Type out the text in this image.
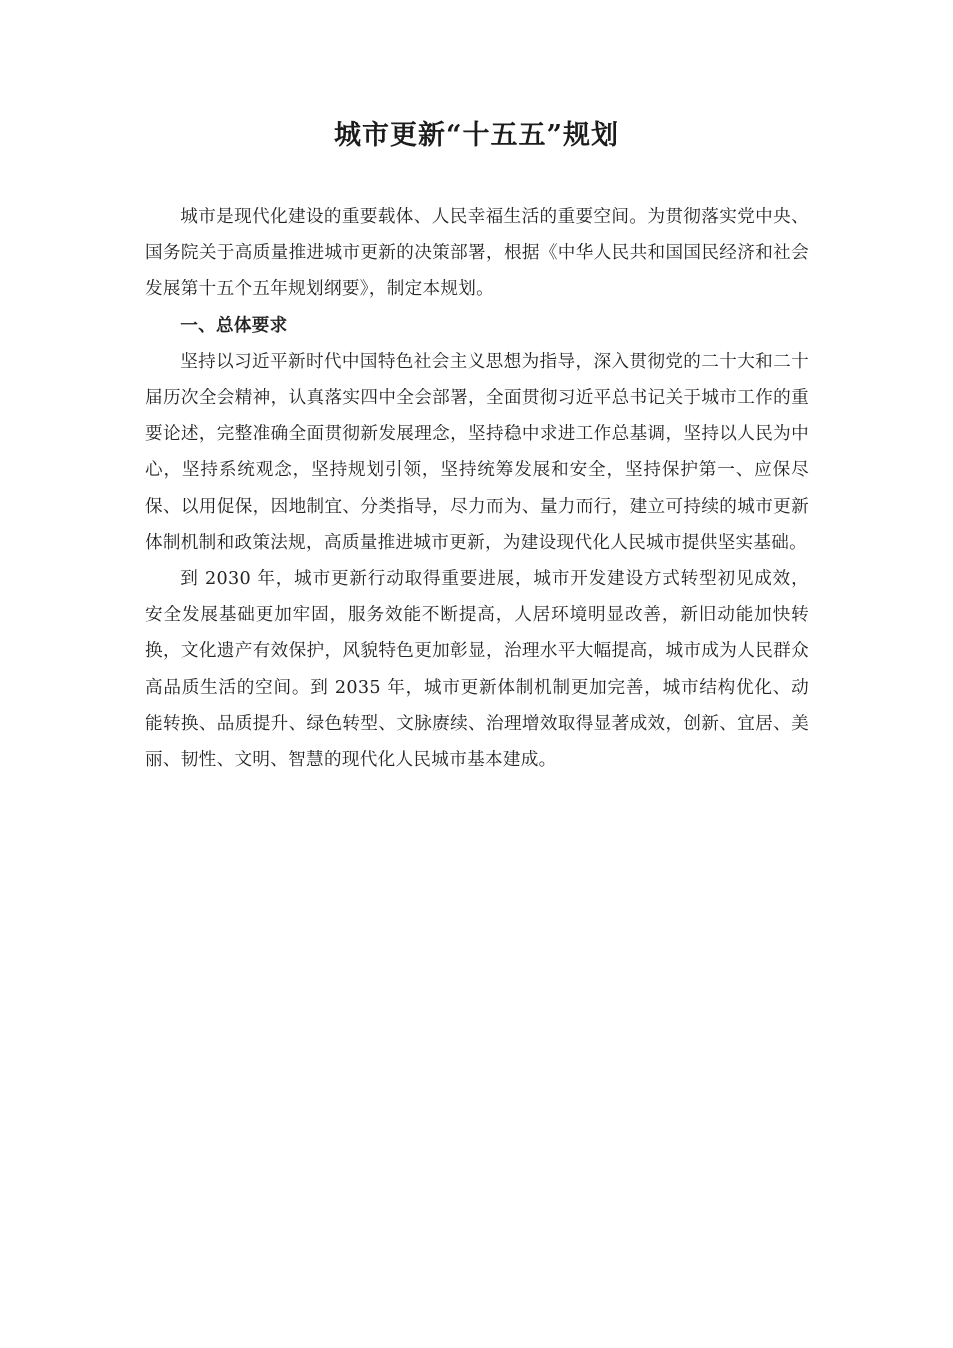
城市更新“十五五”规划

城市是现代化建设的重要载体、人民幸福生活的重要空间。为贯彻落实党中央、国务院关于高质量推进城市更新的决策部署，根据《中华人民共和国国民经济和社会发展第十五个五年规划纲要》，制定本规划。

一、总体要求

坚持以习近平新时代中国特色社会主义思想为指导，深入贯彻党的二十大和二十届历次全会精神，认真落实四中全会部署，全面贯彻习近平总书记关于城市工作的重要论述，完整准确全面贯彻新发展理念，坚持稳中求进工作总基调，坚持以人民为中心，坚持系统观念，坚持规划引领，坚持统筹发展和安全，坚持保护第一、应保尽保、以用促保，因地制宜、分类指导，尽力而为、量力而行，建立可持续的城市更新体制机制和政策法规，高质量推进城市更新，为建设现代化人民城市提供坚实基础。

到 2030 年，城市更新行动取得重要进展，城市开发建设方式转型初见成效，安全发展基础更加牢固，服务效能不断提高，人居环境明显改善，新旧动能加快转换，文化遗产有效保护，风貌特色更加彰显，治理水平大幅提高，城市成为人民群众高品质生活的空间。到 2035 年，城市更新体制机制更加完善，城市结构优化、动能转换、品质提升、绿色转型、文脉赓续、治理增效取得显著成效，创新、宜居、美丽、韧性、文明、智慧的现代化人民城市基本建成。
